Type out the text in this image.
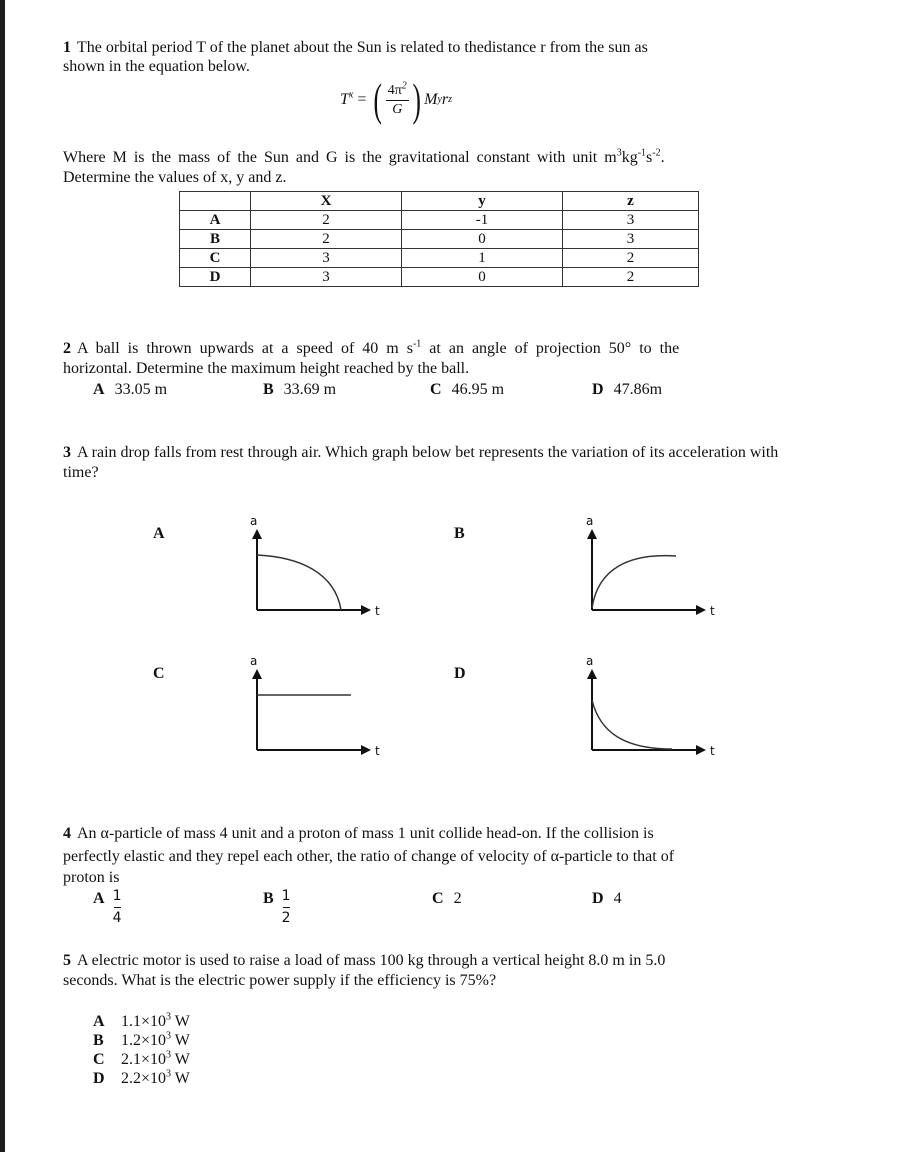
1 The orbital period T of the planet about the Sun is related to thedistance r from the sun as

shown in the equation below.

$T^x$ = ( $\frac{4\pi^2}{G}$ ) M y r z

Where M is the mass of the Sun and G is the gravitational constant with unit $m^3kg^{-1}s^{-2}$.

Determine the values of x, y and z.

	X	y	z
A	2	-1	3
B	2	0	3
C	3	1	2
D	3	0	2

2 A ball is thrown upwards at a speed of 40 m $s^{-1}$ at an angle of projection 50° to the

horizontal. Determine the maximum height reached by the ball.

A 33.05 m	B 33.69 m	C 46.95 m	D 47.86m

3 A rain drop falls from rest through air. Which graph below bet represents the variation of its acceleration with

time?

A	B
C	D
a
t
a
t
a
t
a
t

4 An α-particle of mass 4 unit and a proton of mass 1 unit collide head-on. If the collision is

perfectly elastic and they repel each other, the ratio of change of velocity of α-particle to that of

proton is

A $\frac{1}{4}$	B $\frac{1}{2}$	C 2	D 4

5 A electric motor is used to raise a load of mass 100 kg through a vertical height 8.0 m in 5.0

seconds. What is the electric power supply if the efficiency is 75%?

A $1.1\times 10^3$ W
B $1.2\times 10^3$ W
C $2.1\times 10^3$ W
D $2.2\times 10^3$ W
